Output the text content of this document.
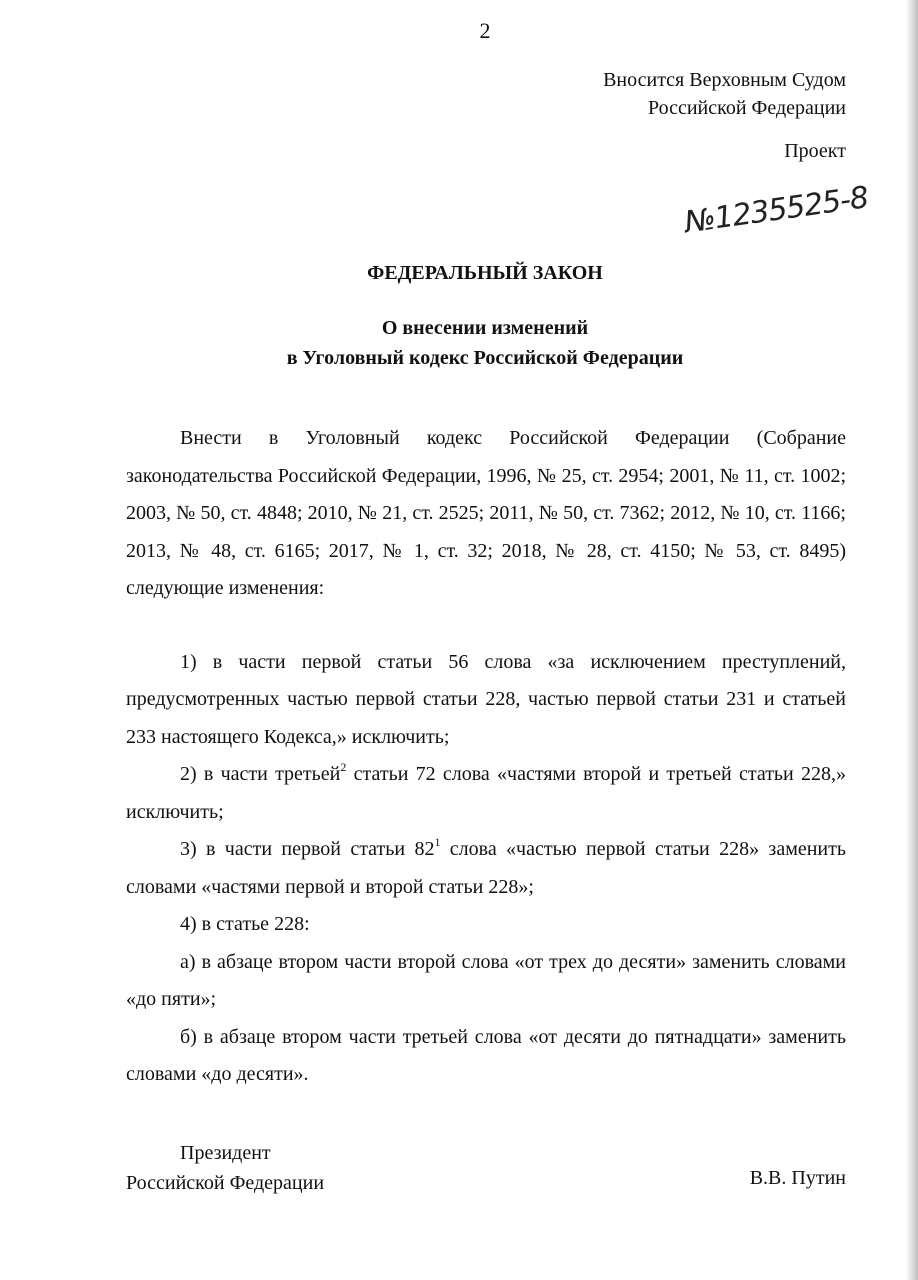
2
Вносится Верховным Судом
Российской Федерации
Проект
№1235525-8
ФЕДЕРАЛЬНЫЙ ЗАКОН
О внесении изменений
в Уголовный кодекс Российской Федерации

Внести в Уголовный кодекс Российской Федерации (Собрание законодательства Российской Федерации, 1996, № 25, ст. 2954; 2001, № 11, ст. 1002; 2003, № 50, ст. 4848; 2010, № 21, ст. 2525; 2011, № 50, ст. 7362; 2012, № 10, ст. 1166; 2013, № 48, ст. 6165; 2017, № 1, ст. 32; 2018, № 28, ст. 4150; № 53, ст. 8495) следующие изменения:

1) в части первой статьи 56 слова «за исключением преступлений, предусмотренных частью первой статьи 228, частью первой статьи 231 и статьей 233 настоящего Кодекса,» исключить;

2) в части третьей$^2$ статьи 72 слова «частями второй и третьей статьи 228,» исключить;

3) в части первой статьи $82^1$ слова «частью первой статьи 228» заменить словами «частями первой и второй статьи 228»;

4) в статье 228:

а) в абзаце втором части второй слова «от трех до десяти» заменить словами «до пяти»;

б) в абзаце втором части третьей слова «от десяти до пятнадцати» заменить словами «до десяти».

Президент
Российской Федерации	В.В. Путин
